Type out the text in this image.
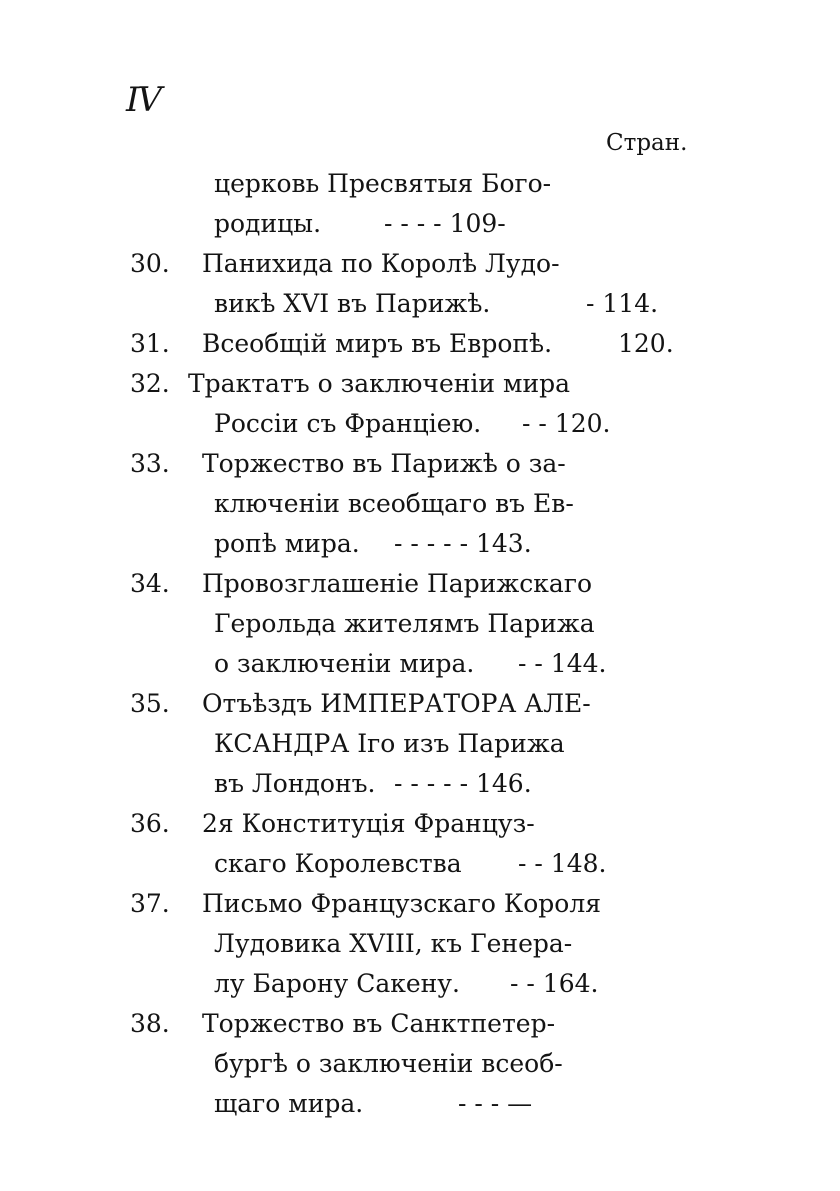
IV
Стран.
церковь Пресвятыя Бого-
родицы.	- - - - 109-
30. Панихида по Королѣ Лудо-
викѣ XVI въ Парижѣ.	- 114.
31. Всеобщій миръ въ Европѣ.	120.
32. Трактатъ о заключеніи мира
Россіи съ Франціею. - - 120.
33. Торжество въ Парижѣ о за-
ключеніи всеобщаго въ Ев-
ропѣ мира. - - - - - 143.
34. Провозглашеніе Парижскаго
Герольда жителямъ Парижа
о заключеніи мира. - - 144.
35. Отъѣздъ ИМПЕРАТОРА АЛЕ-
КСАНДРА Iго изъ Парижа
въ Лондонъ. - - - - - 146.
36. 2я Конституція Француз-
скаго Королевства - - 148.
37. Письмо Французскаго Короля
Лудовика XVIII, къ Генера-
лу Барону Сакену. - - 164.
38. Торжество въ Санктпетер-
бургѣ о заключеніи всеоб-
щаго мира.	- - - —
